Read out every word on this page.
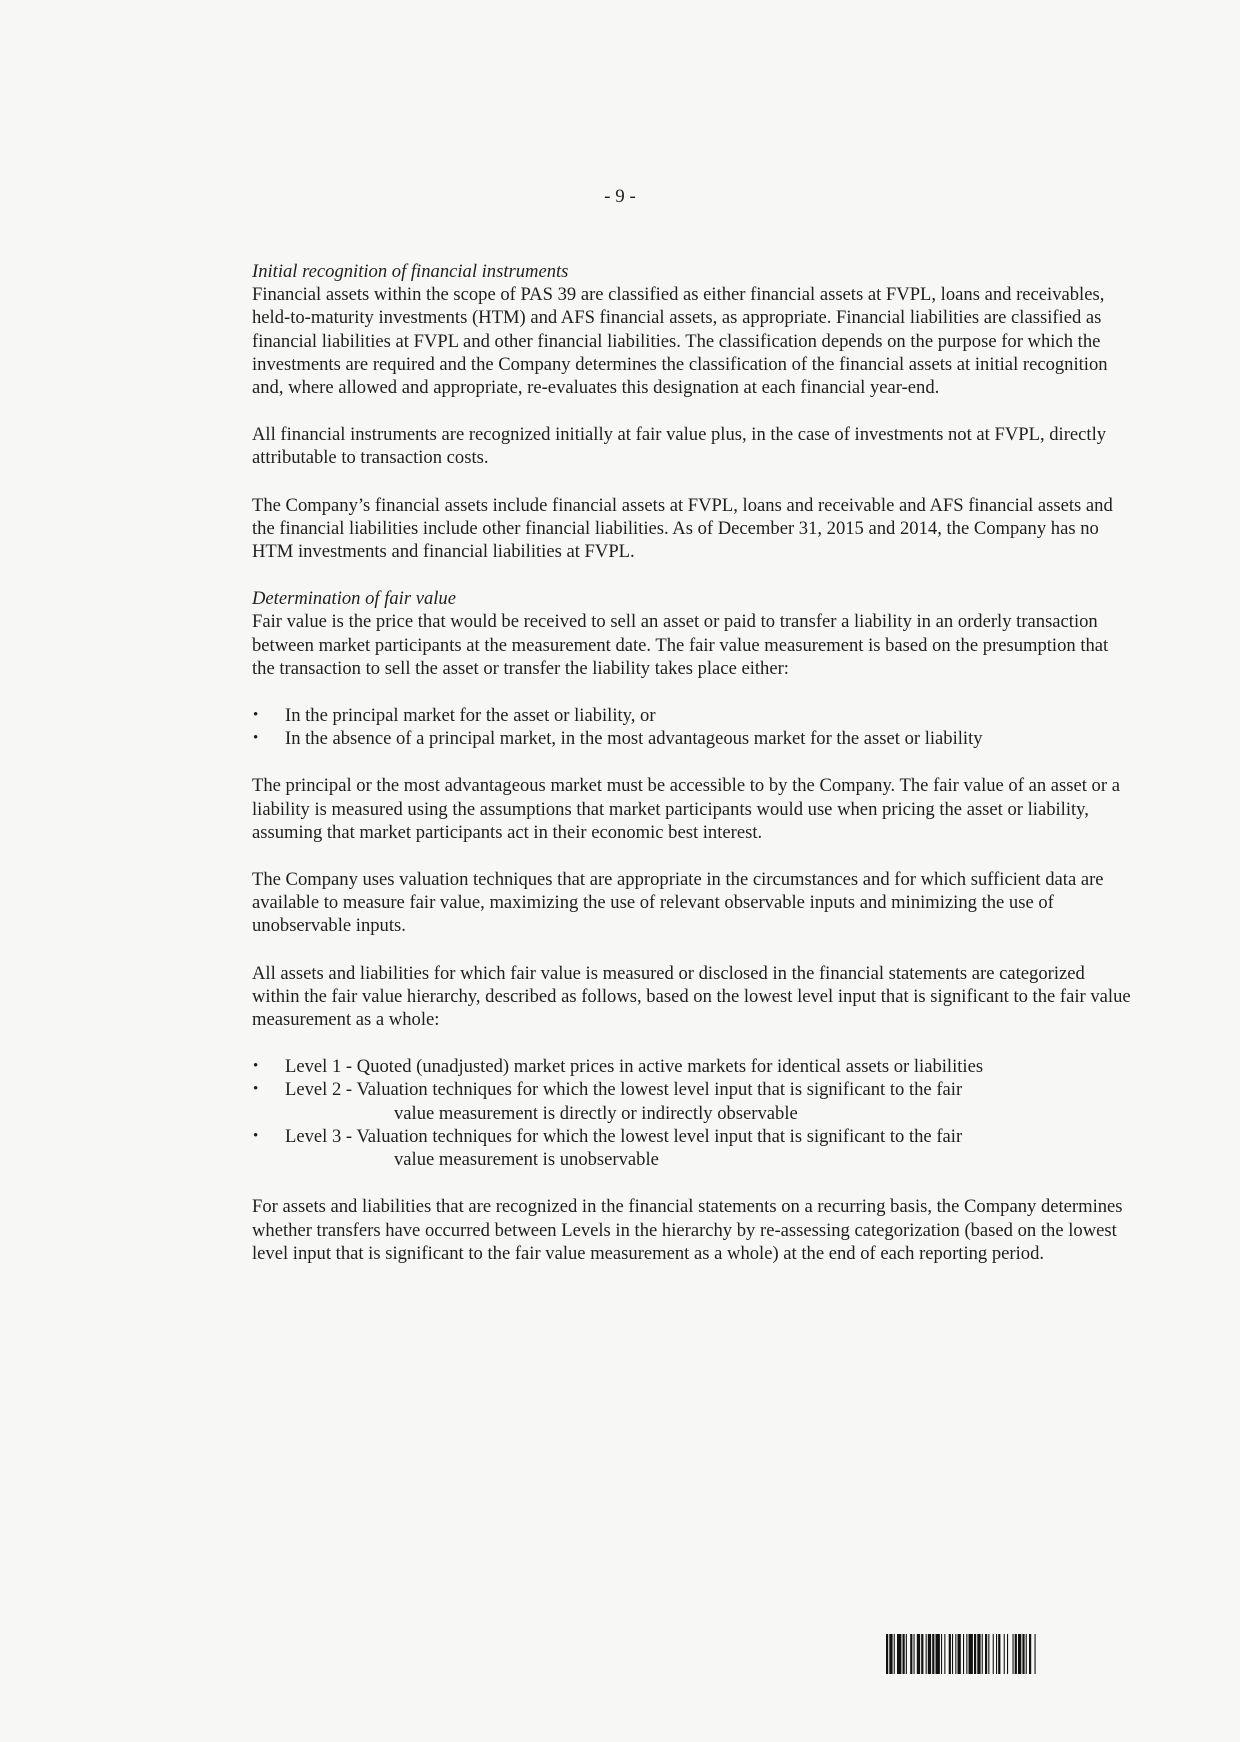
- 9 -

Initial recognition of financial instruments

Financial assets within the scope of PAS 39 are classified as either financial assets at FVPL, loans and receivables, held-to-maturity investments (HTM) and AFS financial assets, as appropriate. Financial liabilities are classified as financial liabilities at FVPL and other financial liabilities. The classification depends on the purpose for which the investments are required and the Company determines the classification of the financial assets at initial recognition and, where allowed and appropriate, re-evaluates this designation at each financial year-end.

All financial instruments are recognized initially at fair value plus, in the case of investments not at FVPL, directly attributable to transaction costs.

The Company’s financial assets include financial assets at FVPL, loans and receivable and AFS financial assets and the financial liabilities include other financial liabilities. As of December 31, 2015 and 2014, the Company has no HTM investments and financial liabilities at FVPL.

Determination of fair value

Fair value is the price that would be received to sell an asset or paid to transfer a liability in an orderly transaction between market participants at the measurement date. The fair value measurement is based on the presumption that the transaction to sell the asset or transfer the liability takes place either:

• In the principal market for the asset or liability, or
• In the absence of a principal market, in the most advantageous market for the asset or liability

The principal or the most advantageous market must be accessible to by the Company. The fair value of an asset or a liability is measured using the assumptions that market participants would use when pricing the asset or liability, assuming that market participants act in their economic best interest.

The Company uses valuation techniques that are appropriate in the circumstances and for which sufficient data are available to measure fair value, maximizing the use of relevant observable inputs and minimizing the use of unobservable inputs.

All assets and liabilities for which fair value is measured or disclosed in the financial statements are categorized within the fair value hierarchy, described as follows, based on the lowest level input that is significant to the fair value measurement as a whole:

• Level 1 - Quoted (unadjusted) market prices in active markets for identical assets or liabilities
• Level 2 - Valuation techniques for which the lowest level input that is significant to the fair
value measurement is directly or indirectly observable
• Level 3 - Valuation techniques for which the lowest level input that is significant to the fair
value measurement is unobservable

For assets and liabilities that are recognized in the financial statements on a recurring basis, the Company determines whether transfers have occurred between Levels in the hierarchy by re-assessing categorization (based on the lowest level input that is significant to the fair value measurement as a whole) at the end of each reporting period.
